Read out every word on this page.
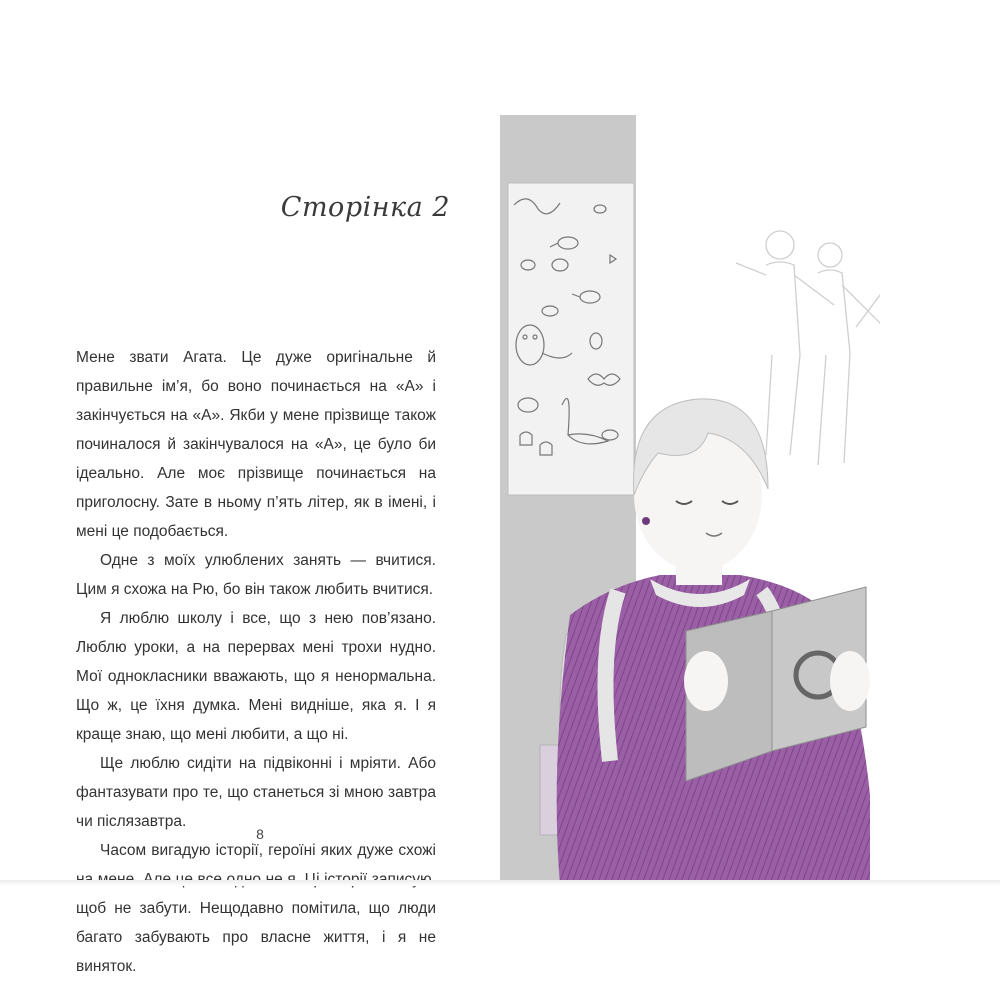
Сторінка 2

Мене звати Агата. Це дуже оригінальне й правильне ім’я, бо воно починається на «А» і закінчується на «А». Якби у мене прізвище також починалося й закінчувалося на «А», це було би ідеально. Але моє прізвище починається на приголосну. Зате в ньому п’ять літер, як в імені, і мені це подобається.

Одне з моїх улюблених занять — вчитися. Цим я схожа на Рю, бо він також любить вчитися.

Я люблю школу і все, що з нею пов’язано. Люблю уроки, а на перервах мені трохи нудно. Мої однокласники вважають, що я ненормальна. Що ж, це їхня думка. Мені видніше, яка я. І я краще знаю, що мені любити, а що ні.

Ще люблю сидіти на підвіконні і мріяти. Або фантазувати про те, що станеться зі мною завтра чи післязавтра.

Часом вигадую історії, героїні яких дуже схожі щоб не забути. Нещодавно помітила, що люди багато забувають про власне життя, і я не виняток.

8
